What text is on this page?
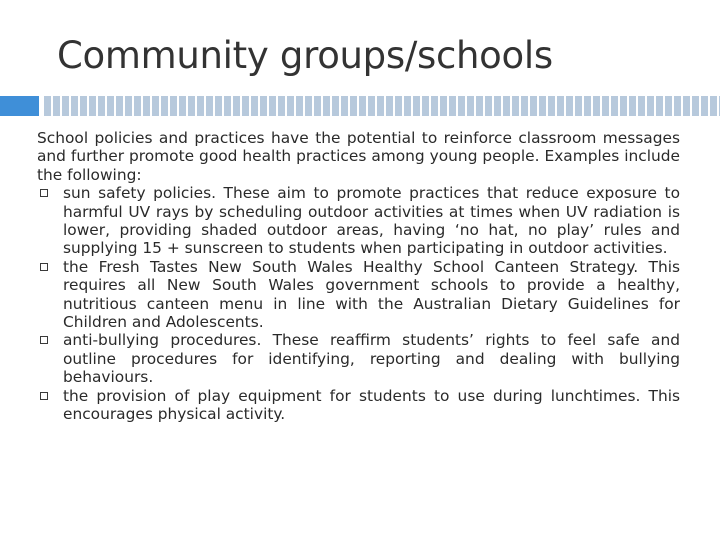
Community groups/schools

School policies and practices have the potential to reinforce classroom messages and further promote good health practices among young people. Examples include the following:

sun safety policies. These aim to promote practices that reduce exposure to harmful UV rays by scheduling outdoor activities at times when UV radiation is lower, providing shaded outdoor areas, having ‘no hat, no play’ rules and supplying 15 + sunscreen to students when participating in outdoor activities.
the Fresh Tastes New South Wales Healthy School Canteen Strategy. This requires all New South Wales government schools to provide a healthy, nutritious canteen menu in line with the Australian Dietary Guidelines for Children and Adolescents.
anti-bullying procedures. These reaffirm students’ rights to feel safe and outline procedures for identifying, reporting and dealing with bullying behaviours.
the provision of play equipment for students to use during lunchtimes. This encourages physical activity.
